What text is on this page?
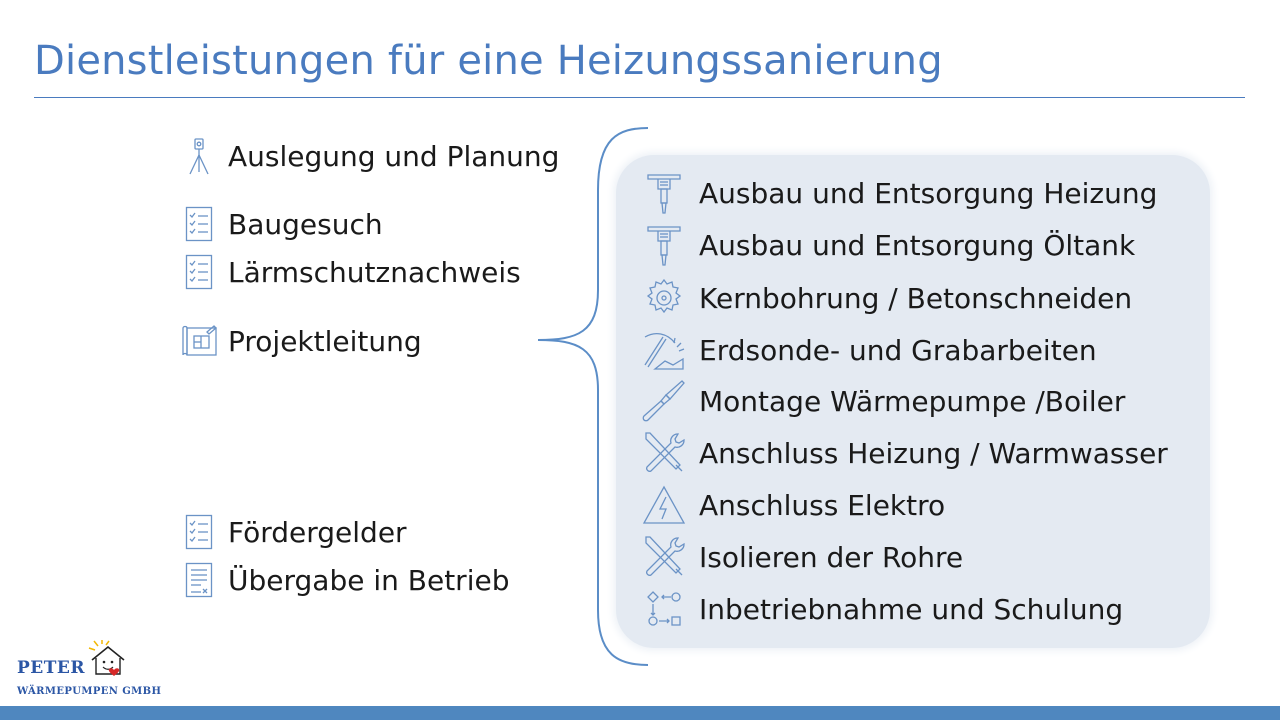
Dienstleistungen für eine Heizungssanierung
Auslegung und Planung
Baugesuch
Lärmschutznachweis
Projektleitung
Fördergelder
Übergabe in Betrieb
Ausbau und Entsorgung Heizung
Ausbau und Entsorgung Öltank
Kernbohrung / Betonschneiden
Erdsonde- und Grabarbeiten
Montage Wärmepumpe /Boiler
Anschluss Heizung / Warmwasser
Anschluss Elektro
Isolieren der Rohre
Inbetriebnahme und Schulung
PETER
WÄRMEPUMPEN GMBH
